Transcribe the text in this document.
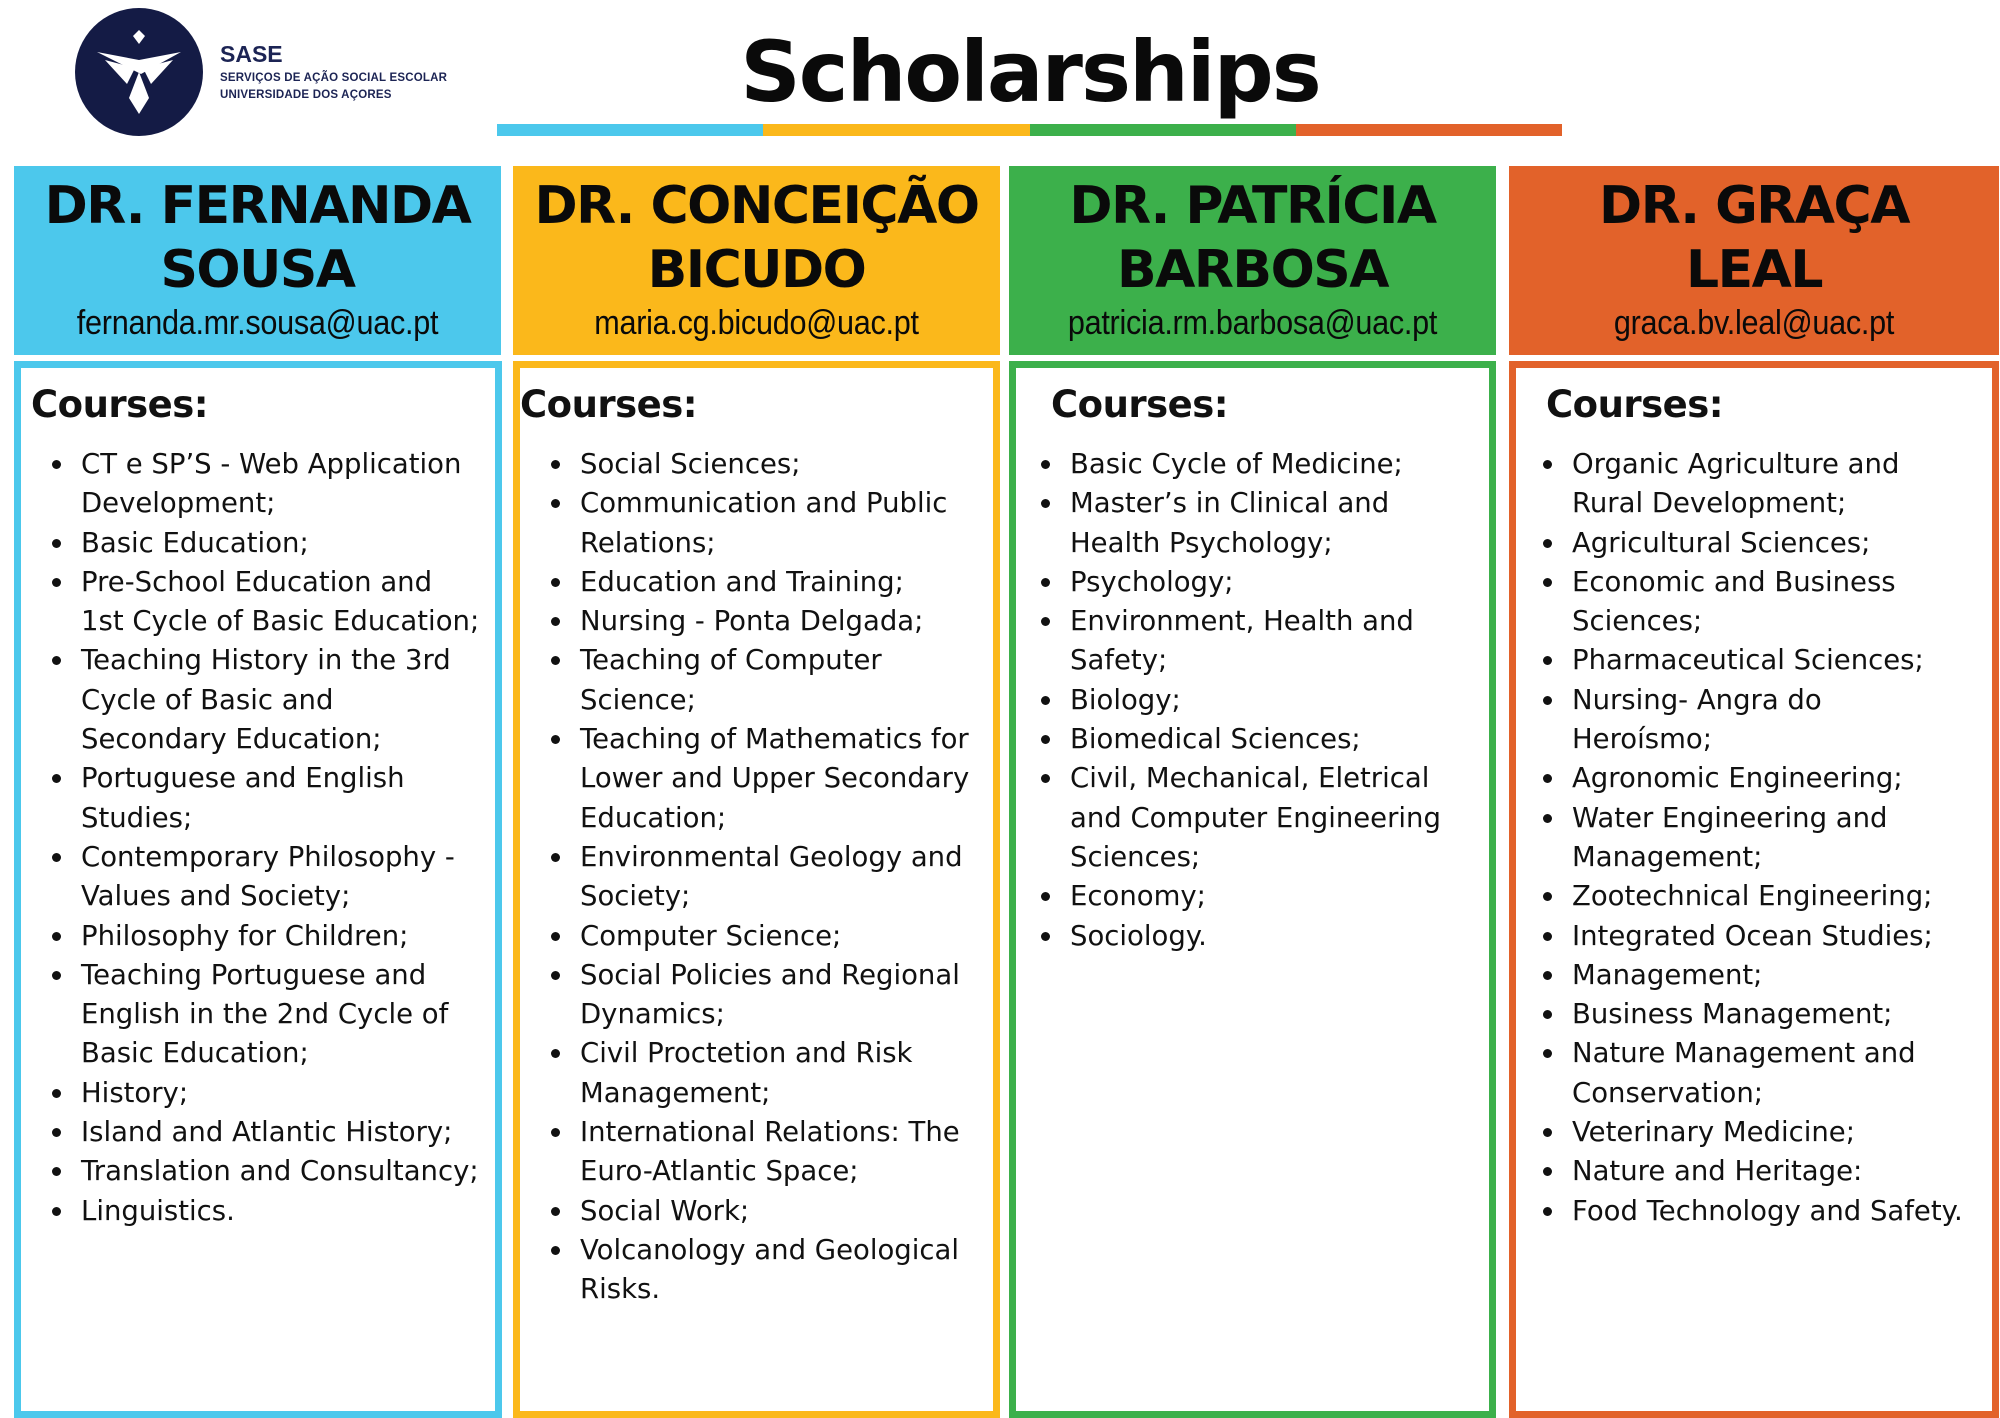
SASE
SERVIÇOS DE AÇÃO SOCIAL ESCOLAR
UNIVERSIDADE DOS AÇORES	Scholarships
DR. FERNANDA
SOUSA
fernanda.mr.sousa@uac.pt
Courses:
CT e SP’S - Web Application
Development;
Basic Education;
Pre-School Education and
1st Cycle of Basic Education;
Teaching History in the 3rd
Cycle of Basic and
Secondary Education;
Portuguese and English
Studies;
Contemporary Philosophy -
Values and Society;
Philosophy for Children;
Teaching Portuguese and
English in the 2nd Cycle of
Basic Education;
History;
Island and Atlantic History;
Translation and Consultancy;
Linguistics.
DR. CONCEIÇÃO
BICUDO
maria.cg.bicudo@uac.pt
Courses:
Social Sciences;
Communication and Public
Relations;
Education and Training;
Nursing - Ponta Delgada;
Teaching of Computer
Science;
Teaching of Mathematics for
Lower and Upper Secondary
Education;
Environmental Geology and
Society;
Computer Science;
Social Policies and Regional
Dynamics;
Civil Proctetion and Risk
Management;
International Relations: The
Euro-Atlantic Space;
Social Work;
Volcanology and Geological
Risks.
DR. PATRÍCIA
BARBOSA
patricia.rm.barbosa@uac.pt
Courses:
Basic Cycle of Medicine;
Master’s in Clinical and
Health Psychology;
Psychology;
Environment, Health and
Safety;
Biology;
Biomedical Sciences;
Civil, Mechanical, Eletrical
and Computer Engineering
Sciences;
Economy;
Sociology.
DR. GRAÇA
LEAL
graca.bv.leal@uac.pt
Courses:
Organic Agriculture and
Rural Development;
Agricultural Sciences;
Economic and Business
Sciences;
Pharmaceutical Sciences;
Nursing- Angra do
Heroísmo;
Agronomic Engineering;
Water Engineering and
Management;
Zootechnical Engineering;
Integrated Ocean Studies;
Management;
Business Management;
Nature Management and
Conservation;
Veterinary Medicine;
Nature and Heritage:
Food Technology and Safety.
